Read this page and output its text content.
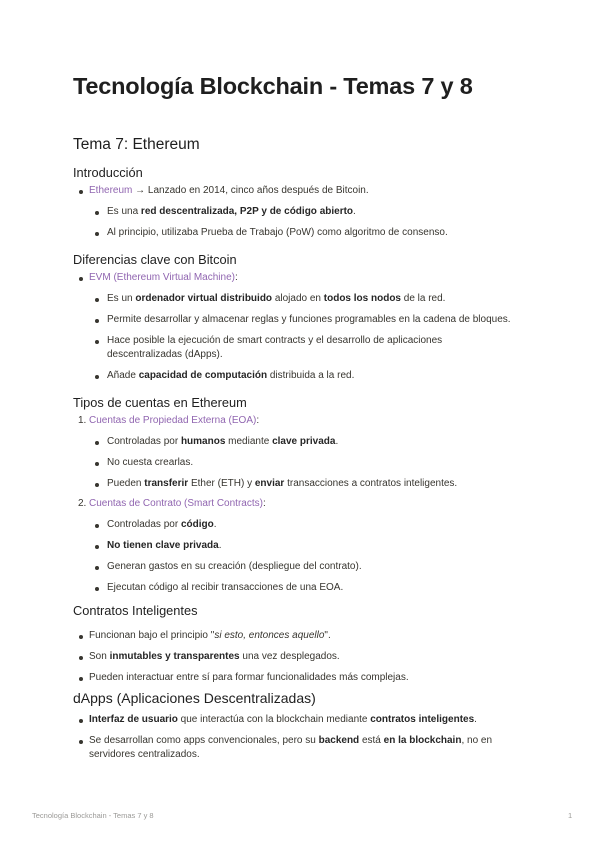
Tecnología Blockchain - Temas 7 y 8
Tema 7: Ethereum
Introducción
Ethereum → Lanzado en 2014, cinco años después de Bitcoin.
Es una red descentralizada, P2P y de código abierto.
Al principio, utilizaba Prueba de Trabajo (PoW) como algoritmo de consenso.
Diferencias clave con Bitcoin
EVM (Ethereum Virtual Machine):
Es un ordenador virtual distribuido alojado en todos los nodos de la red.
Permite desarrollar y almacenar reglas y funciones programables en la cadena de bloques.
Hace posible la ejecución de smart contracts y el desarrollo de aplicaciones
descentralizadas (dApps).
Añade capacidad de computación distribuida a la red.
Tipos de cuentas en Ethereum
1. Cuentas de Propiedad Externa (EOA):
Controladas por humanos mediante clave privada.
No cuesta crearlas.
Pueden transferir Ether (ETH) y enviar transacciones a contratos inteligentes.
2. Cuentas de Contrato (Smart Contracts):
Controladas por código.
No tienen clave privada.
Generan gastos en su creación (despliegue del contrato).
Ejecutan código al recibir transacciones de una EOA.
Contratos Inteligentes
Funcionan bajo el principio "si esto, entonces aquello".
Son inmutables y transparentes una vez desplegados.
Pueden interactuar entre sí para formar funcionalidades más complejas.
dApps (Aplicaciones Descentralizadas)
Interfaz de usuario que interactúa con la blockchain mediante contratos inteligentes.
Se desarrollan como apps convencionales, pero su backend está en la blockchain, no en
servidores centralizados.
Tecnología Blockchain - Temas 7 y 8	1
